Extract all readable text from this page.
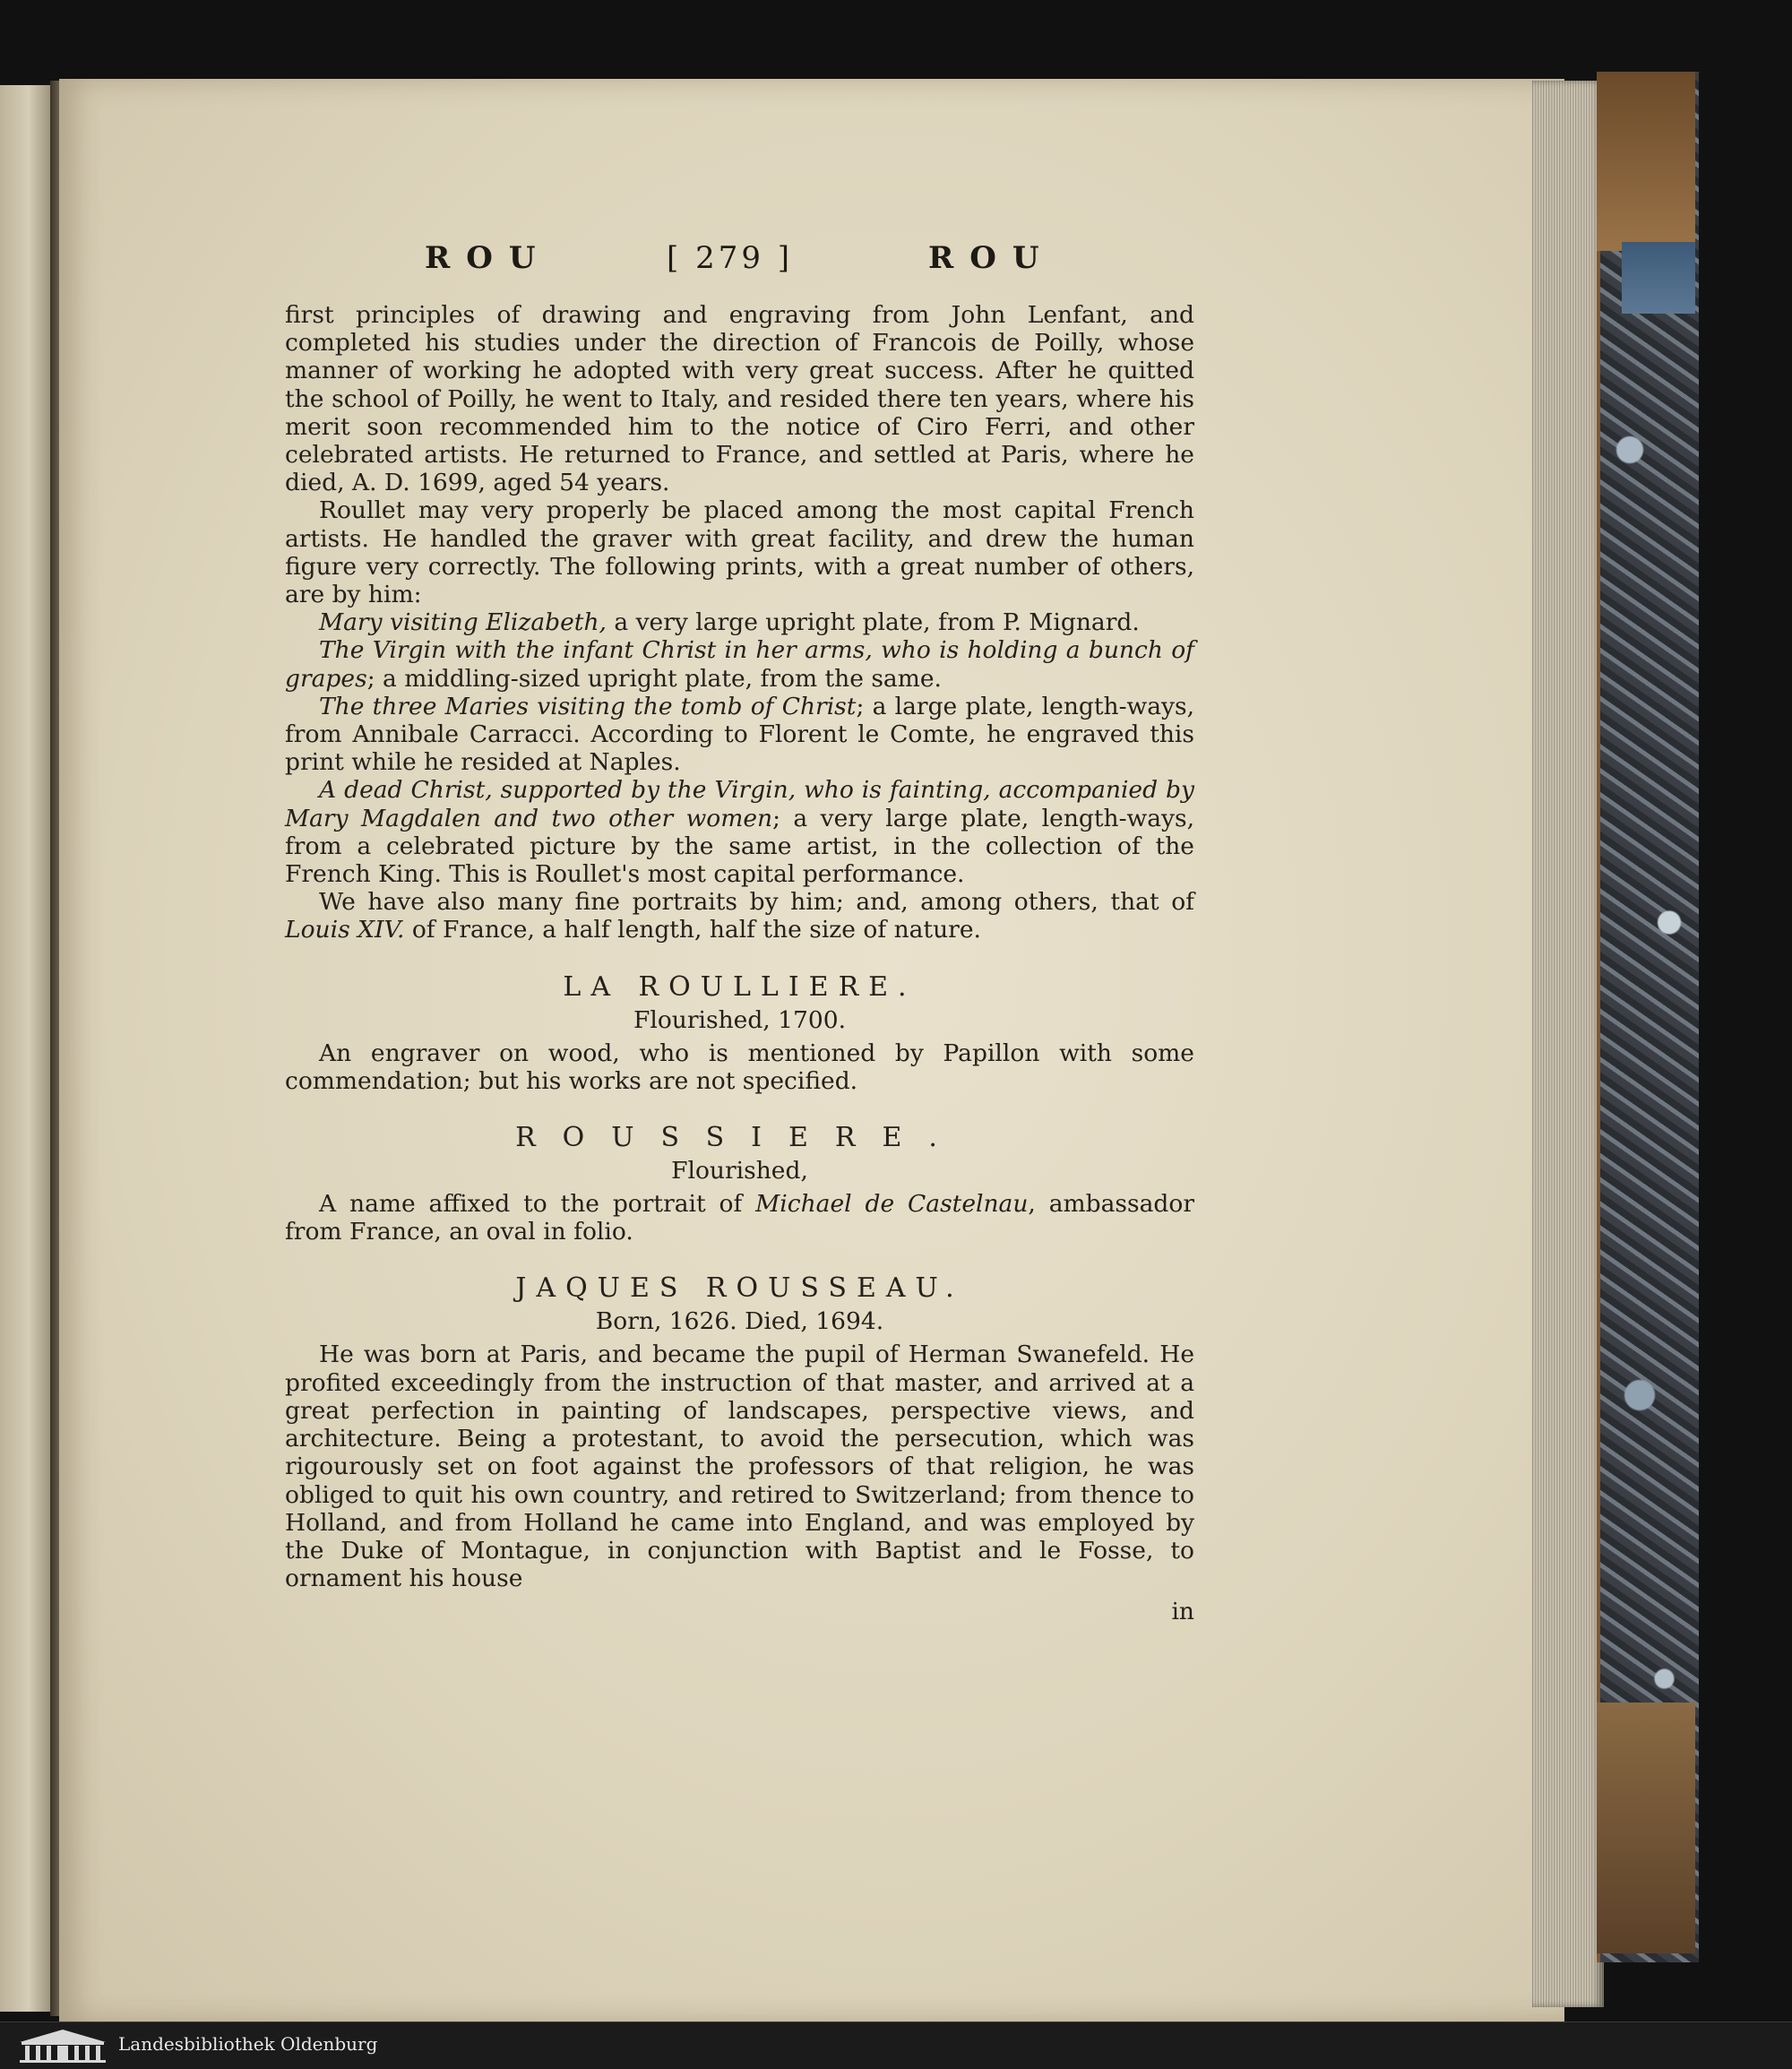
ROU	[ 279 ]	ROU

first principles of drawing and engraving from John Lenfant, and completed his studies under the direction of Francois de Poilly, whose manner of working he adopted with very great success. After he quitted the school of Poilly, he went to Italy, and resided there ten years, where his merit soon recommended him to the notice of Ciro Ferri, and other celebrated artists. He returned to France, and settled at Paris, where he died, A. D. 1699, aged 54 years.

Roullet may very properly be placed among the most capital French artists. He handled the graver with great facility, and drew the human figure very correctly. The following prints, with a great number of others, are by him:

Mary visiting Elizabeth, a very large upright plate, from P. Mignard.

The Virgin with the infant Christ in her arms, who is holding a bunch of grapes; a middling-sized upright plate, from the same.

The three Maries visiting the tomb of Christ; a large plate, length-ways, from Annibale Carracci. According to Florent le Comte, he engraved this print while he resided at Naples.

A dead Christ, supported by the Virgin, who is fainting, accompanied by Mary Magdalen and two other women; a very large plate, length-ways, from a celebrated picture by the same artist, in the collection of the French King. This is Roullet's most capital performance.

We have also many fine portraits by him; and, among others, that of Louis XIV. of France, a half length, half the size of nature.

LA ROULLIERE.
Flourished, 1700.

An engraver on wood, who is mentioned by Papillon with some commendation; but his works are not specified.

ROUSSIERE.
Flourished,

A name affixed to the portrait of Michael de Castelnau, ambassador from France, an oval in folio.

JAQUES ROUSSEAU.
Born, 1626. Died, 1694.

He was born at Paris, and became the pupil of Herman Swanefeld. He profited exceedingly from the instruction of that master, and arrived at a great perfection in painting of landscapes, perspective views, and architecture. Being a protestant, to avoid the persecution, which was rigourously set on foot against the professors of that religion, he was obliged to quit his own country, and retired to Switzerland; from thence to Holland, and from Holland he came into England, and was employed by the Duke of Montague, in conjunction with Baptist and le Fosse, to ornament his house

in
Landesbibliothek Oldenburg
